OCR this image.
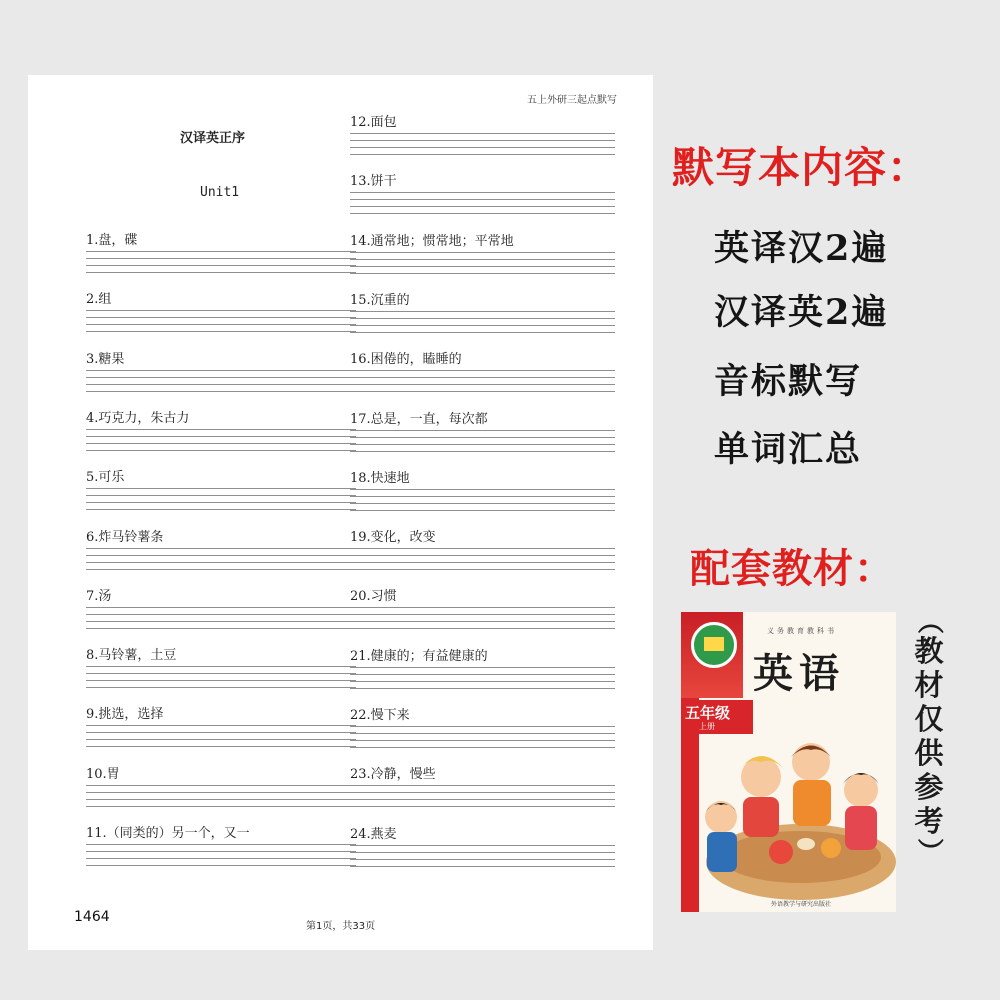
五上外研三起点默写
汉译英正序
Unit1
1.盘，碟
2.组
3.糖果
4.巧克力，朱古力
5.可乐
6.炸马铃薯条
7.汤
8.马铃薯，土豆
9.挑选，选择
10.胃
11.（同类的）另一个，又一
12.面包
13.饼干
14.通常地；惯常地；平常地
15.沉重的
16.困倦的，瞌睡的
17.总是，一直，每次都
18.快速地
19.变化，改变
20.习惯
21.健康的；有益健康的
22.慢下来
23.冷静，慢些
24.燕麦
1464
第1页，共33页
默写本内容：
英译汉2遍
汉译英2遍
音标默写
单词汇总
配套教材：
义务教育教科书
英语
五年级
上册
外语教学与研究出版社
（
教
材
仅
供
参
考
）
